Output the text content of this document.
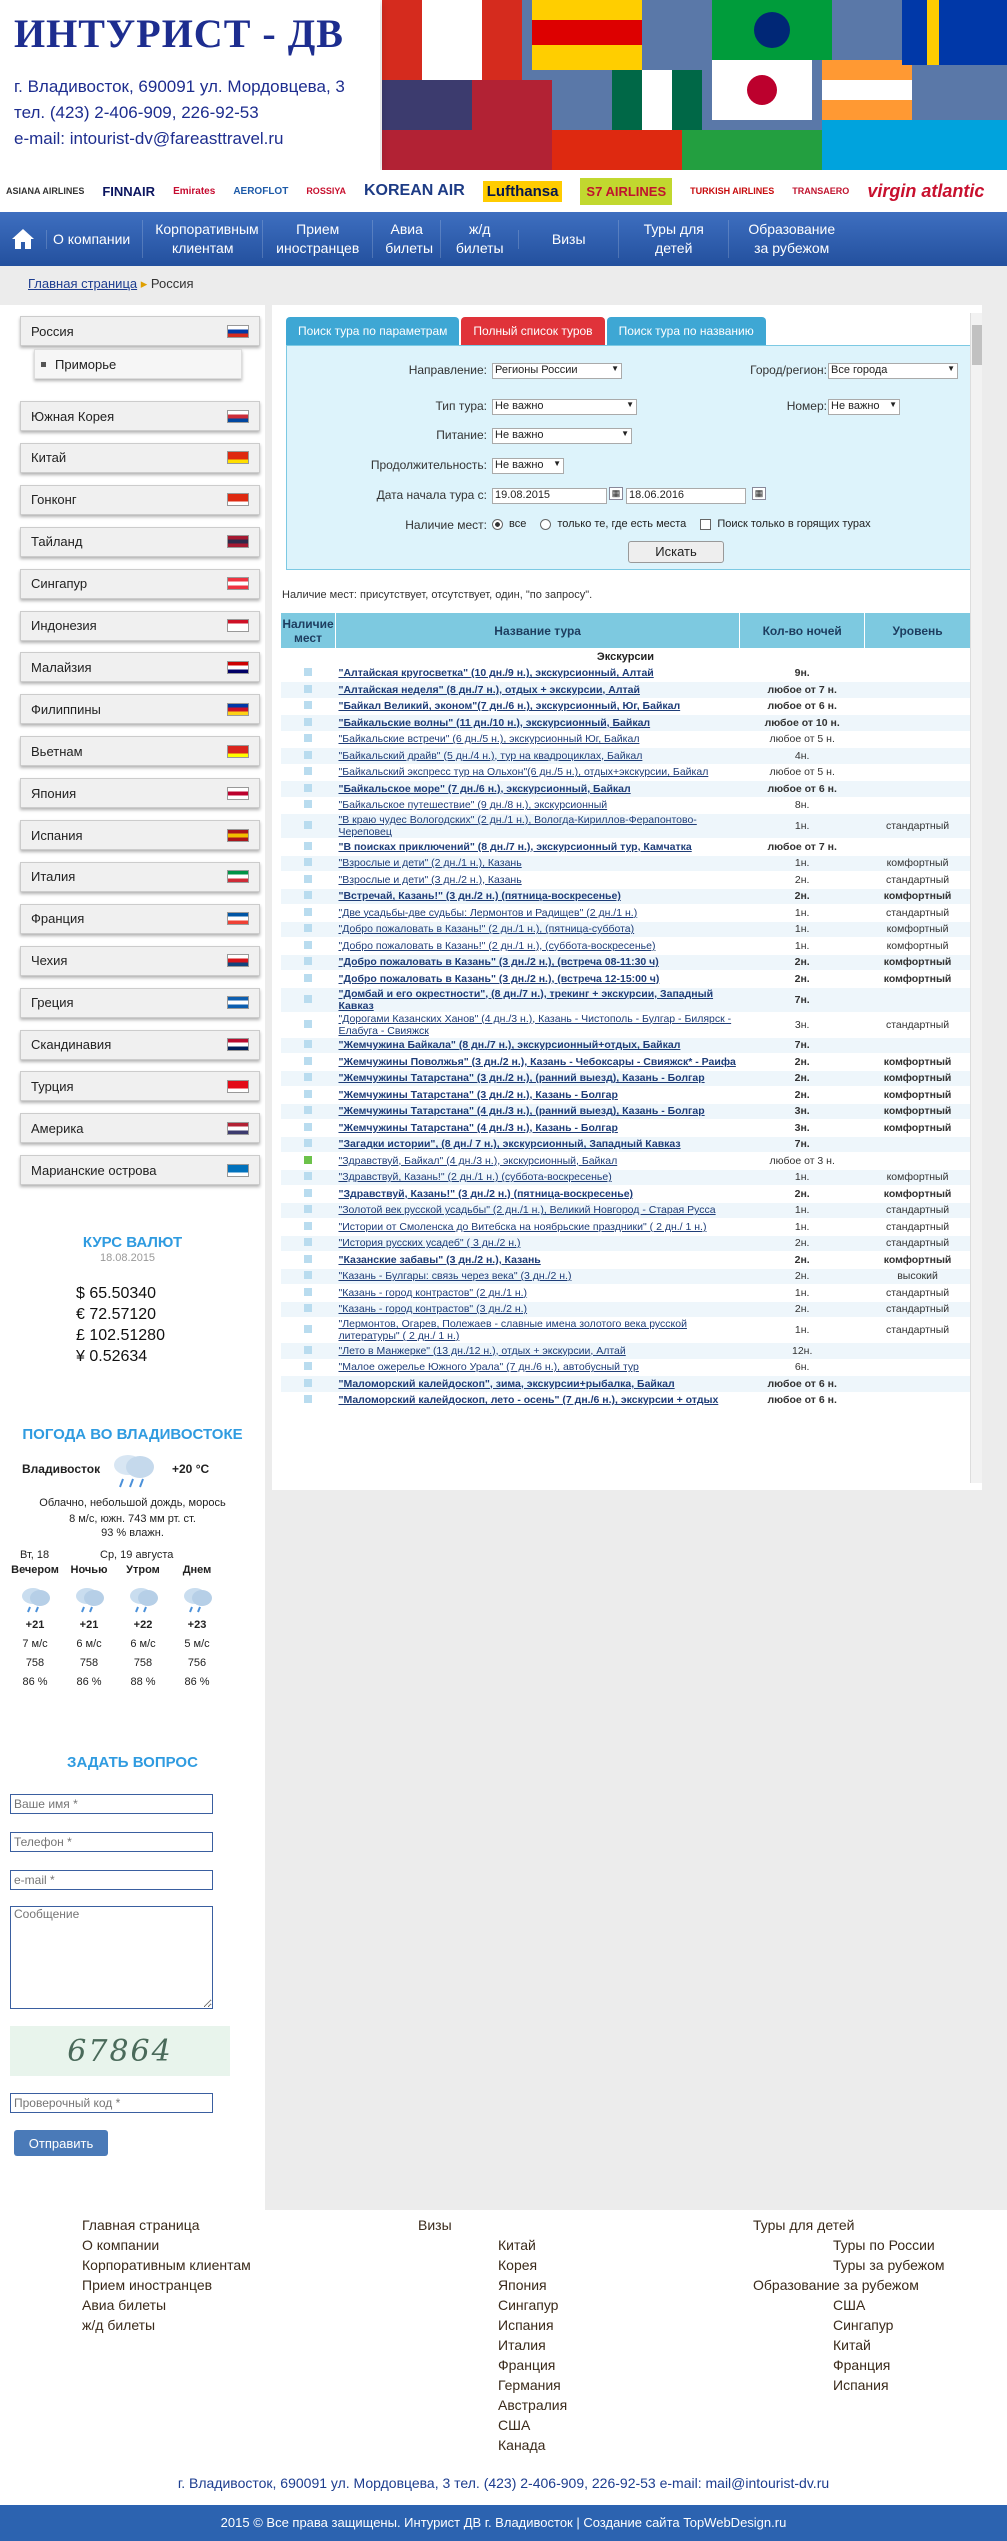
ИНТУРИСТ - ДВ
г. Владивосток, 690091 ул. Мордовцева, 3
тел. (423) 2-406-909, 226-92-53
e-mail: intourist-dv@fareasttravel.ru
ASIANA AIRLINES FINNAIR Emirates AEROFLOT ROSSIYA KOREAN AIR Lufthansa	S7 AIRLINES	TURKISH AIRLINES TRANSAERO virgin atlantic
О компании
Корпоративным клиентам
Прием иностранцев
Авиа билеты
ж/д билеты
Визы
Туры для детей
Образование за рубежом
Главная страница ▸ Россия
Россия
Южная Корея
Китай
Гонконг
Тайланд
Сингапур
Индонезия
Малайзия
Филиппины
Вьетнам
Япония
Испания
Италия
Франция
Чехия
Греция
Скандинавия
Турция
Америка
Марианские острова
Приморье
КУРС ВАЛЮТ
18.08.2015
$ 65.50340
€ 72.57120
£ 102.51280
¥ 0.52634
ПОГОДА ВО ВЛАДИВОСТОКЕ
Владивосток	+20 °C
Облачно, небольшой дождь, морось
8 м/с, южн. 743 мм рт. ст.
93 % влажн.
Вт, 18	Ср, 19 августа
Вечером
+21
7 м/с
758
86 %
Ночью
+21
6 м/с
758
86 %
Утром
+22
6 м/с
758
88 %
Днем
+23
5 м/с
756
86 %
ЗАДАТЬ ВОПРОС
Ваше имя *
Телефон *
e-mail *
Сообщение
67864
Проверочный код *
Отправить
Поиск тура по параметрам	Полный список туров	Поиск тура по названию
Направление: Регионы России	▼	Город/регион: Все города	▼
Тип тура: Не важно	▼	Номер: Не важно ▼
Питание: Не важно	▼
Продолжительность: Не важно ▼
Дата начала тура с: 19.08.2015	▦ 18.06.2016	▦
Наличие мест: все	только те, где есть места	Поиск только в горящих турах
Искать
Наличие мест: присутствует, отсутствует, один, "по запросу".
Наличие мест	Название тура	Кол-во ночей	Уровень
Экскурсии			
	"Алтайская кругосветка" (10 дн./9 н.), экскурсионный, Алтай	9н.	
	"Алтайская неделя" (8 дн./7 н.), отдых + экскурсии, Алтай	любое от 7 н.	
	"Байкал Великий, эконом"(7 дн./6 н.), экскурсионный, Юг, Байкал	любое от 6 н.	
	"Байкальские волны" (11 дн./10 н.), экскурсионный, Байкал	любое от 10 н.	
	"Байкальские встречи" (6 дн./5 н.), экскурсионный Юг, Байкал	любое от 5 н.	
	"Байкальский драйв" (5 дн./4 н.), тур на квадроциклах, Байкал	4н.	
	"Байкальский экспресс тур на Ольхон"(6 дн./5 н.), отдых+экскурсии, Байкал	любое от 5 н.	
	"Байкальское море" (7 дн./6 н.), экскурсионный, Байкал	любое от 6 н.	
	"Байкальское путешествие" (9 дн./8 н.), экскурсионный	8н.	
	"В краю чудес Вологодских" (2 дн./1 н.), Вологда-Кириллов-Ферапонтово-Череповец	1н.	стандартный
	"В поисках приключений" (8 дн./7 н.), экскурсионный тур, Камчатка	любое от 7 н.	
	"Взрослые и дети" (2 дн./1 н.), Казань	1н.	комфортный
	"Взрослые и дети" (3 дн./2 н.), Казань	2н.	стандартный
	"Встречай, Казань!" (3 дн./2 н.) (пятница-воскресенье)	2н.	комфортный
	"Две усадьбы-две судьбы: Лермонтов и Радищев" (2 дн./1 н.)	1н.	стандартный
	"Добро пожаловать в Казань!" (2 дн./1 н.), (пятница-суббота)	1н.	комфортный
	"Добро пожаловать в Казань!" (2 дн./1 н.), (суббота-воскресенье)	1н.	комфортный
	"Добро пожаловать в Казань" (3 дн./2 н.), (встреча 08-11:30 ч)	2н.	комфортный
	"Добро пожаловать в Казань" (3 дн./2 н.), (встреча 12-15:00 ч)	2н.	комфортный
	"Домбай и его окрестности", (8 дн./7 н.), трекинг + экскурсии, Западный Кавказ	7н.	
	"Дорогами Казанских Ханов" (4 дн./3 н.), Казань - Чистополь - Булгар - Билярск - Елабуга - Свияжск	3н.	стандартный
	"Жемчужина Байкала" (8 дн./7 н.), экскурсионный+отдых, Байкал	7н.	
	"Жемчужины Поволжья" (3 дн./2 н.), Казань - Чебоксары - Свияжск* - Раифа	2н.	комфортный
	"Жемчужины Татарстана" (3 дн./2 н.), (ранний выезд), Казань - Болгар	2н.	комфортный
	"Жемчужины Татарстана" (3 дн./2 н.), Казань - Болгар	2н.	комфортный
	"Жемчужины Татарстана" (4 дн./3 н.), (ранний выезд), Казань - Болгар	3н.	комфортный
	"Жемчужины Татарстана" (4 дн./3 н.), Казань - Болгар	3н.	комфортный
	"Загадки истории", (8 дн./ 7 н.), экскурсионный, Западный Кавказ	7н.	
	"Здравствуй, Байкал" (4 дн./3 н.), экскурсионный, Байкал	любое от 3 н.	
	"Здравствуй, Казань!" (2 дн./1 н.) (суббота-воскресенье)	1н.	комфортный
	"Здравствуй, Казань!" (3 дн./2 н.) (пятница-воскресенье)	2н.	комфортный
	"Золотой век русской усадьбы" (2 дн./1 н.), Великий Новгород - Старая Русса	1н.	стандартный
	"Истории от Смоленска до Витебска на ноябрьские праздники" ( 2 дн./ 1 н.)	1н.	стандартный
	"История русских усадеб" ( 3 дн./2 н.)	2н.	стандартный
	"Казанские забавы" (3 дн./2 н.), Казань	2н.	комфортный
	"Казань - Булгары: связь через века" (3 дн./2 н.)	2н.	высокий
	"Казань - город контрастов" (2 дн./1 н.)	1н.	стандартный
	"Казань - город контрастов" (3 дн./2 н.)	2н.	стандартный
	"Лермонтов, Огарев, Полежаев - славные имена золотого века русской литературы" ( 2 дн./ 1 н.)	1н.	стандартный
	"Лето в Манжерке" (13 дн./12 н.), отдых + экскурсии, Алтай	12н.	
	"Малое ожерелье Южного Урала" (7 дн./6 н.), автобусный тур	6н.	
	"Маломорский калейдоскоп", зима, экскурсии+рыбалка, Байкал	любое от 6 н.	
	"Маломорский калейдоскоп, лето - осень" (7 дн./6 н.), экскурсии + отдых	любое от 6 н.	
Главная страница
О компании
Корпоративным клиентам
Прием иностранцев
Авиа билеты
ж/д билеты
Визы
Китай
Корея
Япония
Сингапур
Испания
Италия
Франция
Германия
Австралия
США
Канада
Туры для детей
Туры по России
Туры за рубежом
Образование за рубежом
США
Сингапур
Китай
Франция
Испания
г. Владивосток, 690091 ул. Мордовцева, 3 тел. (423) 2-406-909, 226-92-53 e-mail: mail@intourist-dv.ru
2015 © Все права защищены. Интурист ДВ г. Владивосток | Создание сайта TopWebDesign.ru
